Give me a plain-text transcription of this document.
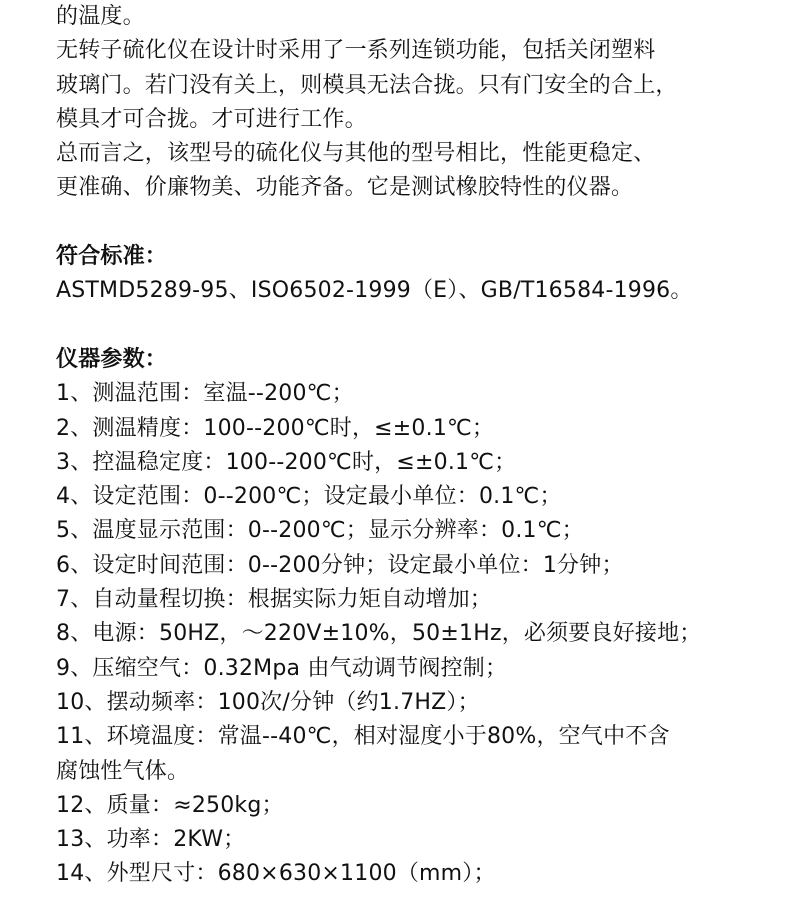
的温度。
无转子硫化仪在设计时采用了一系列连锁功能，包括关闭塑料
玻璃门。若门没有关上，则模具无法合拢。只有门安全的合上，
模具才可合拢。才可进行工作。
总而言之，该型号的硫化仪与其他的型号相比，性能更稳定、
更准确、价廉物美、功能齐备。它是测试橡胶特性的仪器。
符合标准：
ASTMD5289-95、ISO6502-1999（E）、GB/T16584-1996。
仪器参数：
1、测温范围：室温--200℃；
2、测温精度：100--200℃时，≤±0.1℃；
3、控温稳定度：100--200℃时，≤±0.1℃；
4、设定范围：0--200℃；设定最小单位：0.1℃；
5、温度显示范围：0--200℃；显示分辨率：0.1℃；
6、设定时间范围：0--200分钟；设定最小单位：1分钟；
7、自动量程切换：根据实际力矩自动增加；
8、电源：50HZ，～220V±10%，50±1Hz，必须要良好接地；
9、压缩空气：0.32Mpa 由气动调节阀控制；
10、摆动频率：100次/分钟（约1.7HZ）；
11、环境温度：常温--40℃，相对湿度小于80%，空气中不含
腐蚀性气体。
12、质量：≈250kg；
13、功率：2KW；
14、外型尺寸：680×630×1100（mm）；
